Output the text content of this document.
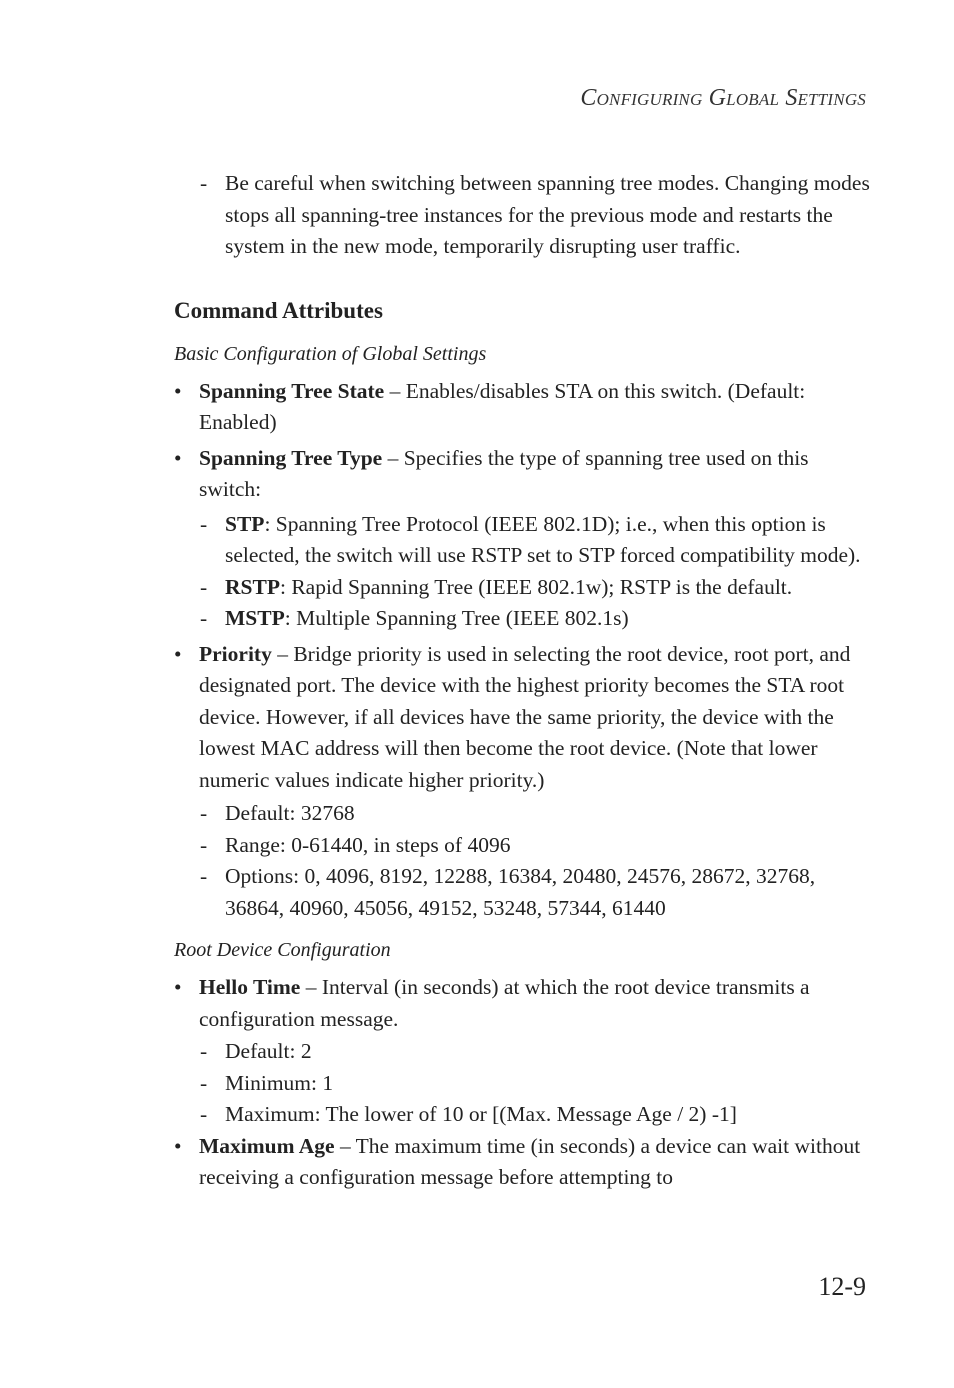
Configuring Global Settings

- Be careful when switching between spanning tree modes. Changing modes stops all spanning-tree instances for the previous mode and restarts the system in the new mode, temporarily disrupting user traffic.

Command Attributes

Basic Configuration of Global Settings

• Spanning Tree State – Enables/disables STA on this switch. (Default: Enabled)
• Spanning Tree Type – Specifies the type of spanning tree used on this switch:
- STP: Spanning Tree Protocol (IEEE 802.1D); i.e., when this option is selected, the switch will use RSTP set to STP forced compatibility mode).
- RSTP: Rapid Spanning Tree (IEEE 802.1w); RSTP is the default.
- MSTP: Multiple Spanning Tree (IEEE 802.1s)
• Priority – Bridge priority is used in selecting the root device, root port, and designated port. The device with the highest priority becomes the STA root device. However, if all devices have the same priority, the device with the lowest MAC address will then become the root device. (Note that lower numeric values indicate higher priority.)
- Default: 32768
- Range: 0-61440, in steps of 4096
- Options: 0, 4096, 8192, 12288, 16384, 20480, 24576, 28672, 32768, 36864, 40960, 45056, 49152, 53248, 57344, 61440

Root Device Configuration

• Hello Time – Interval (in seconds) at which the root device transmits a configuration message.
- Default: 2
- Minimum: 1
- Maximum: The lower of 10 or [(Max. Message Age / 2) -1]
• Maximum Age – The maximum time (in seconds) a device can wait without receiving a configuration message before attempting to
12-9
